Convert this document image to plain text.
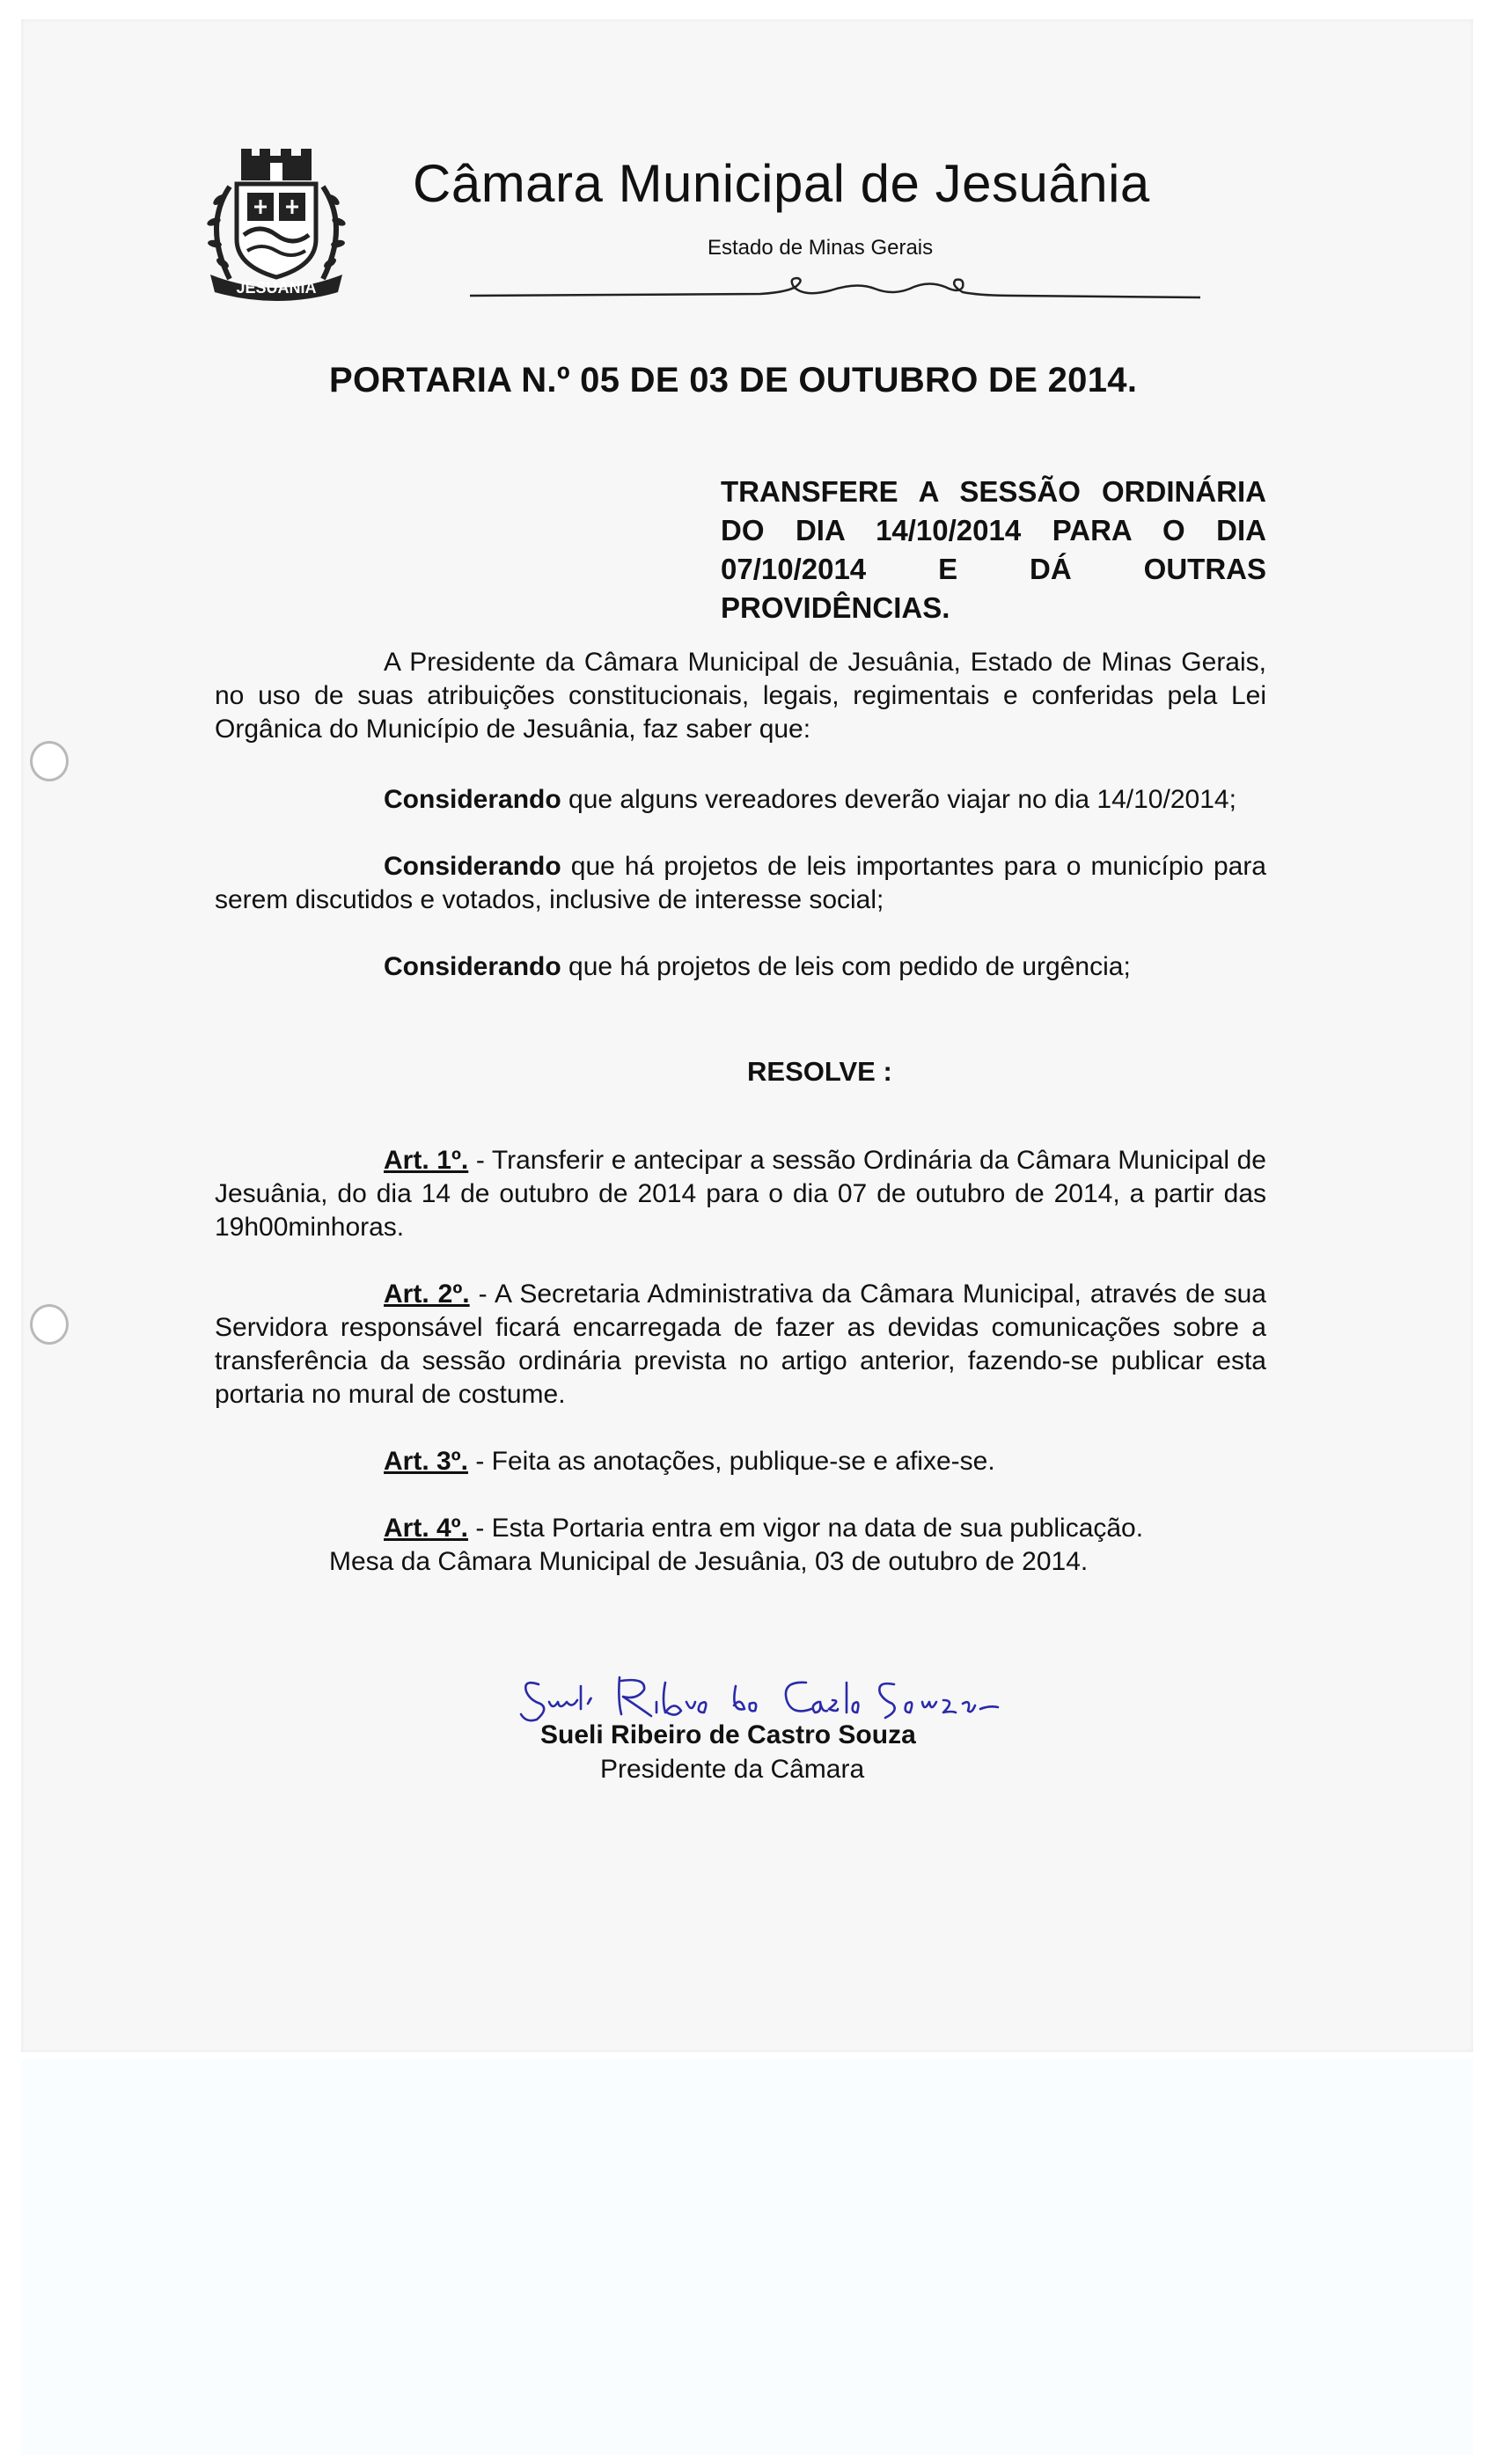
JESUÂNIA
Câmara Municipal de Jesuânia
Estado de Minas Gerais
PORTARIA N.º 05 DE 03 DE OUTUBRO DE 2014.
TRANSFERE A SESSÃO ORDINÁRIA
DO DIA 14/10/2014 PARA O DIA
07/10/2014 E DÁ OUTRAS
PROVIDÊNCIAS.
A Presidente da Câmara Municipal de Jesuânia, Estado de Minas Gerais, no uso de suas atribuições constitucionais, legais, regimentais e conferidas pela Lei Orgânica do Município de Jesuânia, faz saber que:
Considerando que alguns vereadores deverão viajar no dia 14/10/2014;
Considerando que há projetos de leis importantes para o município para serem discutidos e votados, inclusive de interesse social;
Considerando que há projetos de leis com pedido de urgência;
RESOLVE :
Art. 1º. - Transferir e antecipar a sessão Ordinária da Câmara Municipal de Jesuânia, do dia 14 de outubro de 2014 para o dia 07 de outubro de 2014, a partir das 19h00minhoras.
Art. 2º. - A Secretaria Administrativa da Câmara Municipal, através de sua Servidora responsável ficará encarregada de fazer as devidas comunicações sobre a transferência da sessão ordinária prevista no artigo anterior, fazendo-se publicar esta portaria no mural de costume.
Art. 3º. - Feita as anotações, publique-se e afixe-se.
Art. 4º. - Esta Portaria entra em vigor na data de sua publicação.
Mesa da Câmara Municipal de Jesuânia, 03 de outubro de 2014.
Sueli Ribeiro de Castro Souza
Presidente da Câmara
